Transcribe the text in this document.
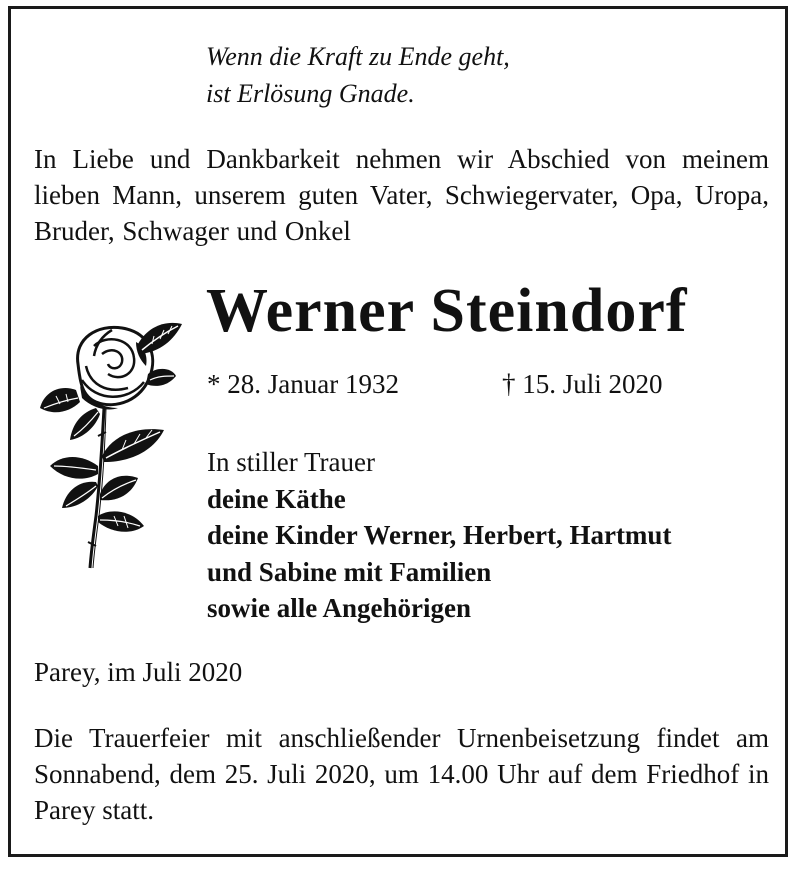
Wenn die Kraft zu Ende geht,
ist Erlösung Gnade.
In Liebe und Dankbarkeit nehmen wir Abschied von meinem lieben Mann, unserem guten Vater, Schwiegervater, Opa, Uropa, Bruder, Schwager und Onkel
Werner Steindorf
* 28. Januar 1932	† 15. Juli 2020
In stiller Trauer
deine Käthe
deine Kinder Werner, Herbert, Hartmut
und Sabine mit Familien
sowie alle Angehörigen
Parey, im Juli 2020
Die Trauerfeier mit anschließender Urnenbeisetzung findet am Sonnabend, dem 25. Juli 2020, um 14.00 Uhr auf dem Friedhof in Parey statt.
